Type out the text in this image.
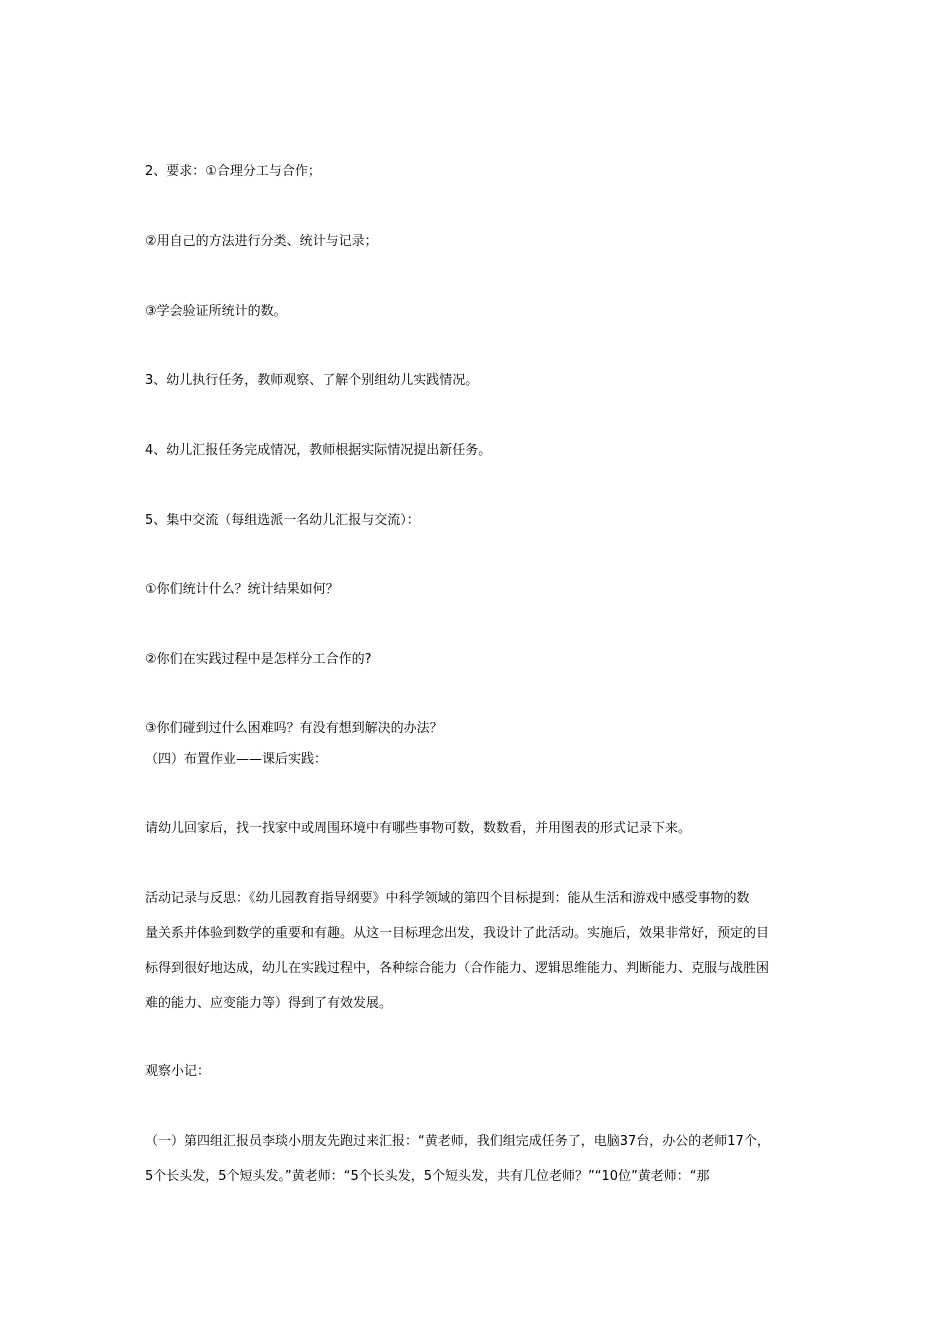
2、要求：①合理分工与合作；
②用自己的方法进行分类、统计与记录；
③学会验证所统计的数。
3、幼儿执行任务，教师观察、了解个别组幼儿实践情况。
4、幼儿汇报任务完成情况，教师根据实际情况提出新任务。
5、集中交流（每组选派一名幼儿汇报与交流）：
①你们统计什么？统计结果如何？
②你们在实践过程中是怎样分工合作的?
③你们碰到过什么困难吗？有没有想到解决的办法？
（四）布置作业——课后实践：
请幼儿回家后，找一找家中或周围环境中有哪些事物可数，数数看，并用图表的形式记录下来。
活动记录与反思：《幼儿园教育指导纲要》中科学领域的第四个目标提到：能从生活和游戏中感受事物的数
量关系并体验到数学的重要和有趣。从这一目标理念出发，我设计了此活动。实施后，效果非常好，预定的目
标得到很好地达成，幼儿在实践过程中，各种综合能力（合作能力、逻辑思维能力、判断能力、克服与战胜困
难的能力、应变能力等）得到了有效发展。
观察小记：
（一）第四组汇报员李琰小朋友先跑过来汇报：“黄老师，我们组完成任务了，电脑37台，办公的老师17个，
5个长头发，5个短头发。”黄老师：“5个长头发，5个短头发，共有几位老师？”“10位”黄老师：“那
